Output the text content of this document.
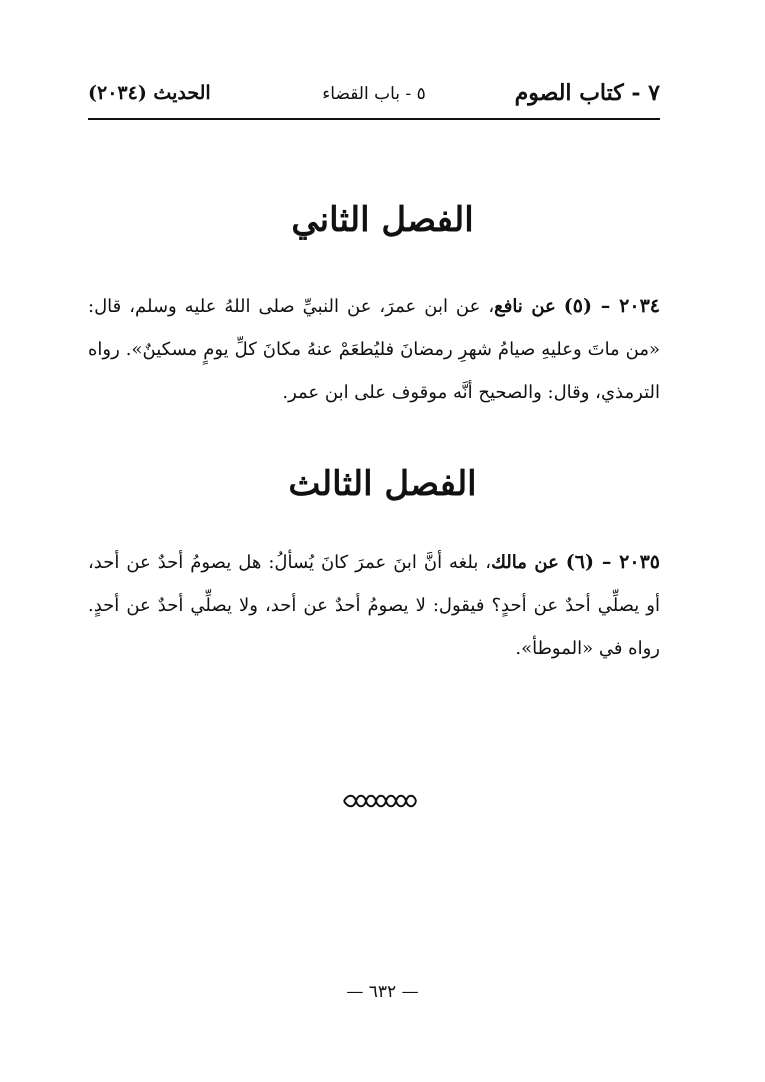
٧ - كتاب الصوم
٥ - باب القضاء
الحديث (٢٠٣٤)
الفصل الثاني

٢٠٣٤ – (٥) عن نافع، عن ابن عمرَ، عن النبيِّ صلى اللهُ عليه وسلم، قال: «من ماتَ وعليهِ صيامُ شهرِ رمضانَ فليُطعَمْ عنهُ مكانَ كلِّ يومٍ مسكينٌ». رواه الترمذي، وقال: والصحيح أنَّه موقوف على ابن عمر.

الفصل الثالث

٢٠٣٥ – (٦) عن مالك، بلغه أنَّ ابنَ عمرَ كانَ يُسألُ: هل يصومُ أحدٌ عن أحد، أو يصلِّي أحدٌ عن أحدٍ؟ فيقول: لا يصومُ أحدٌ عن أحد، ولا يصلِّي أحدٌ عن أحدٍ. رواه في «الموطأ».

— ٦٣٢ —
